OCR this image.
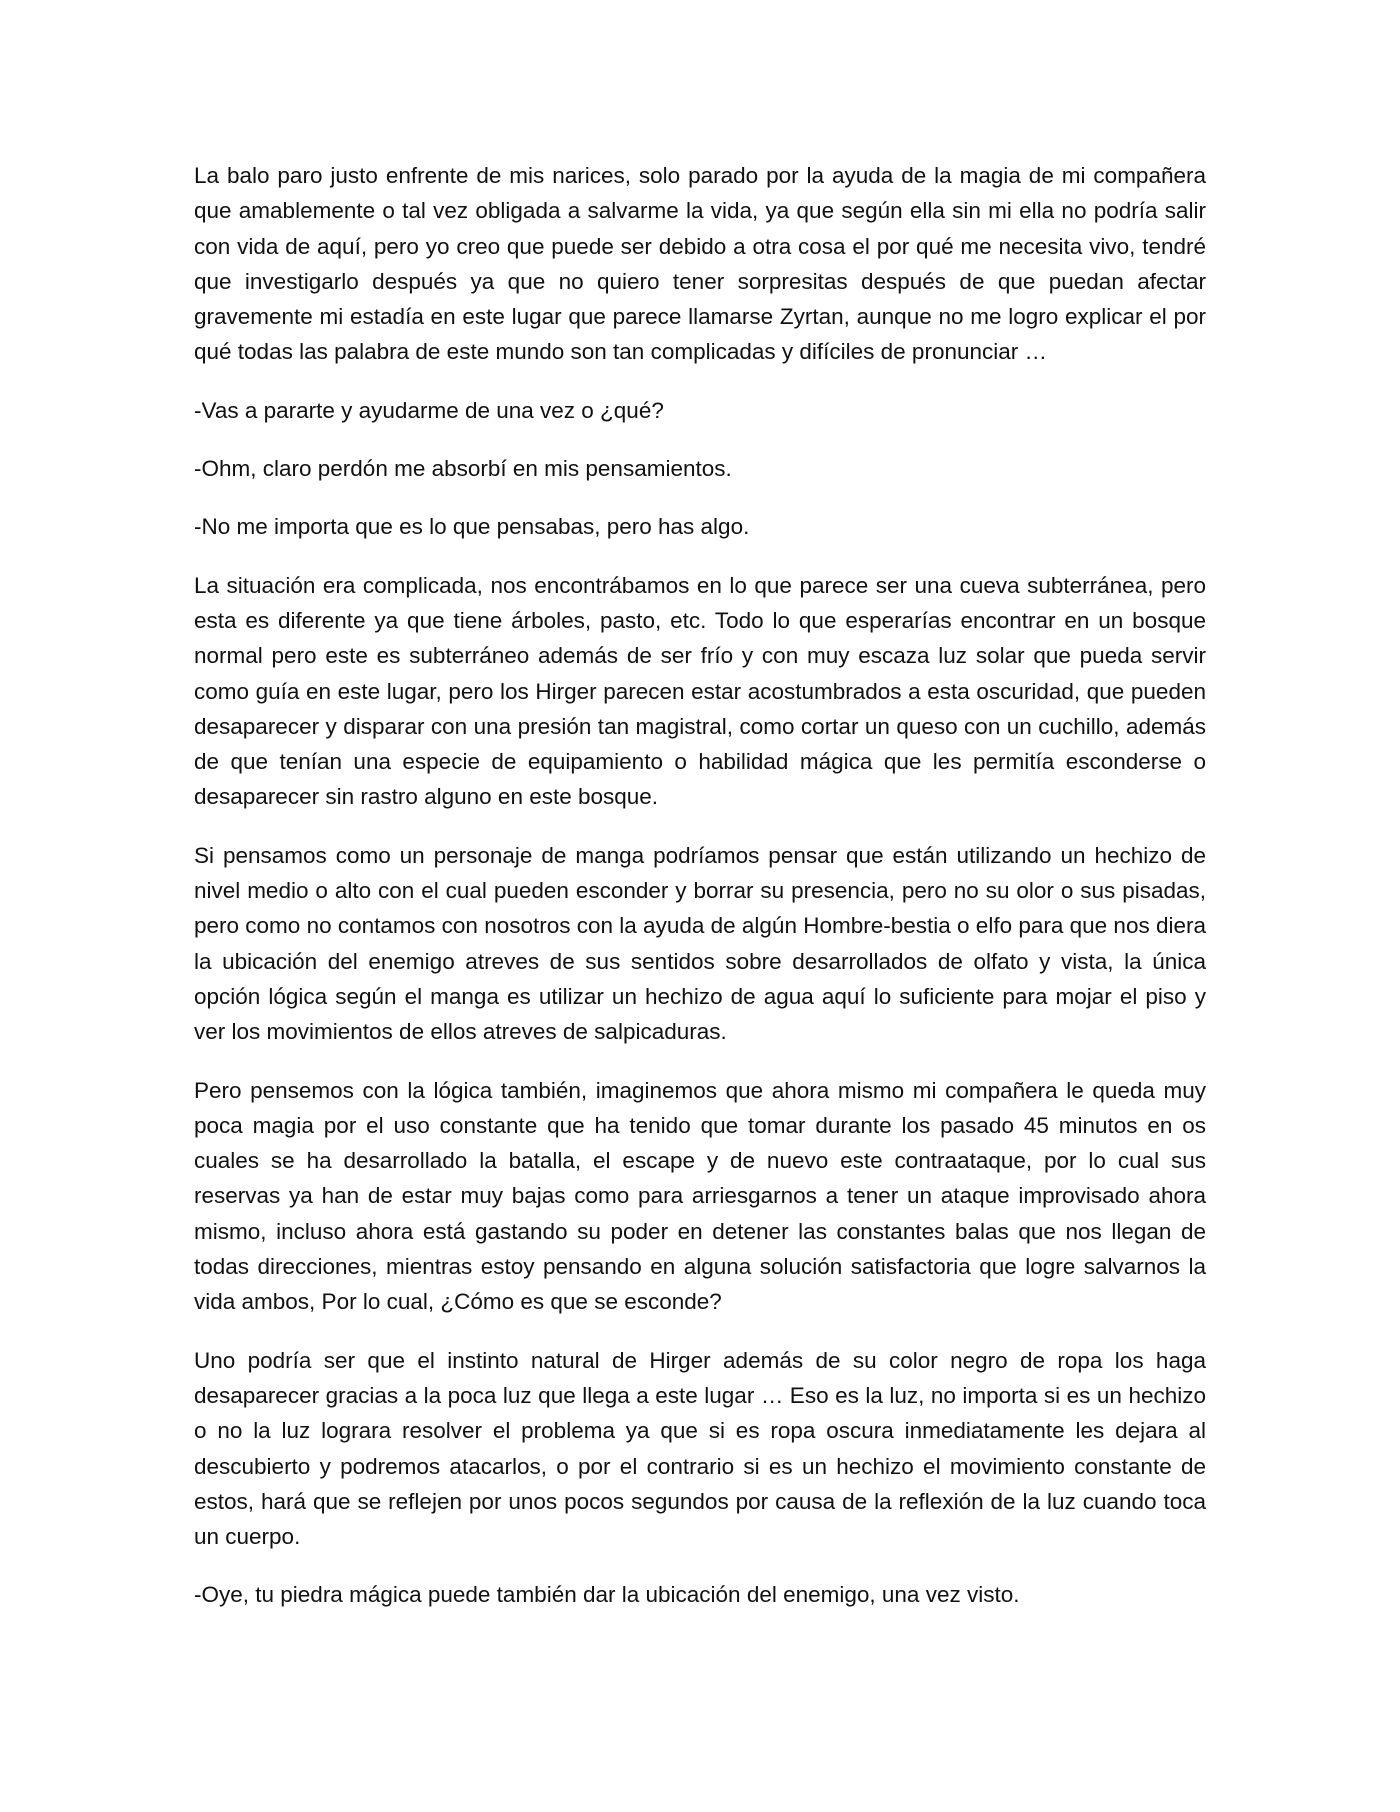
La balo paro justo enfrente de mis narices, solo parado por la ayuda de la magia de mi compañera que amablemente o tal vez obligada a salvarme la vida, ya que según ella sin mi ella no podría salir con vida de aquí, pero yo creo que puede ser debido a otra cosa el por qué me necesita vivo, tendré que investigarlo después ya que no quiero tener sorpresitas después de que puedan afectar gravemente mi estadía en este lugar que parece llamarse Zyrtan, aunque no me logro explicar el por qué todas las palabra de este mundo son tan complicadas y difíciles de pronunciar …

-Vas a pararte y ayudarme de una vez o ¿qué?

-Ohm, claro perdón me absorbí en mis pensamientos.

-No me importa que es lo que pensabas, pero has algo.

La situación era complicada, nos encontrábamos en lo que parece ser una cueva subterránea, pero esta es diferente ya que tiene árboles, pasto, etc. Todo lo que esperarías encontrar en un bosque normal pero este es subterráneo además de ser frío y con muy escaza luz solar que pueda servir como guía en este lugar, pero los Hirger parecen estar acostumbrados a esta oscuridad, que pueden desaparecer y disparar con una presión tan magistral, como cortar un queso con un cuchillo, además de que tenían una especie de equipamiento o habilidad mágica que les permitía esconderse o desaparecer sin rastro alguno en este bosque.

Si pensamos como un personaje de manga podríamos pensar que están utilizando un hechizo de nivel medio o alto con el cual pueden esconder y borrar su presencia, pero no su olor o sus pisadas, pero como no contamos con nosotros con la ayuda de algún Hombre-bestia o elfo para que nos diera la ubicación del enemigo atreves de sus sentidos sobre desarrollados de olfato y vista, la única opción lógica según el manga es utilizar un hechizo de agua aquí lo suficiente para mojar el piso y ver los movimientos de ellos atreves de salpicaduras.

Pero pensemos con la lógica también, imaginemos que ahora mismo mi compañera le queda muy poca magia por el uso constante que ha tenido que tomar durante los pasado 45 minutos en os cuales se ha desarrollado la batalla, el escape y de nuevo este contraataque, por lo cual sus reservas ya han de estar muy bajas como para arriesgarnos a tener un ataque improvisado ahora mismo, incluso ahora está gastando su poder en detener las constantes balas que nos llegan de todas direcciones, mientras estoy pensando en alguna solución satisfactoria que logre salvarnos la vida ambos, Por lo cual, ¿Cómo es que se esconde?

Uno podría ser que el instinto natural de Hirger además de su color negro de ropa los haga desaparecer gracias a la poca luz que llega a este lugar … Eso es la luz, no importa si es un hechizo o no la luz lograra resolver el problema ya que si es ropa oscura inmediatamente les dejara al descubierto y podremos atacarlos, o por el contrario si es un hechizo el movimiento constante de estos, hará que se reflejen por unos pocos segundos por causa de la reflexión de la luz cuando toca un cuerpo.

-Oye, tu piedra mágica puede también dar la ubicación del enemigo, una vez visto.
